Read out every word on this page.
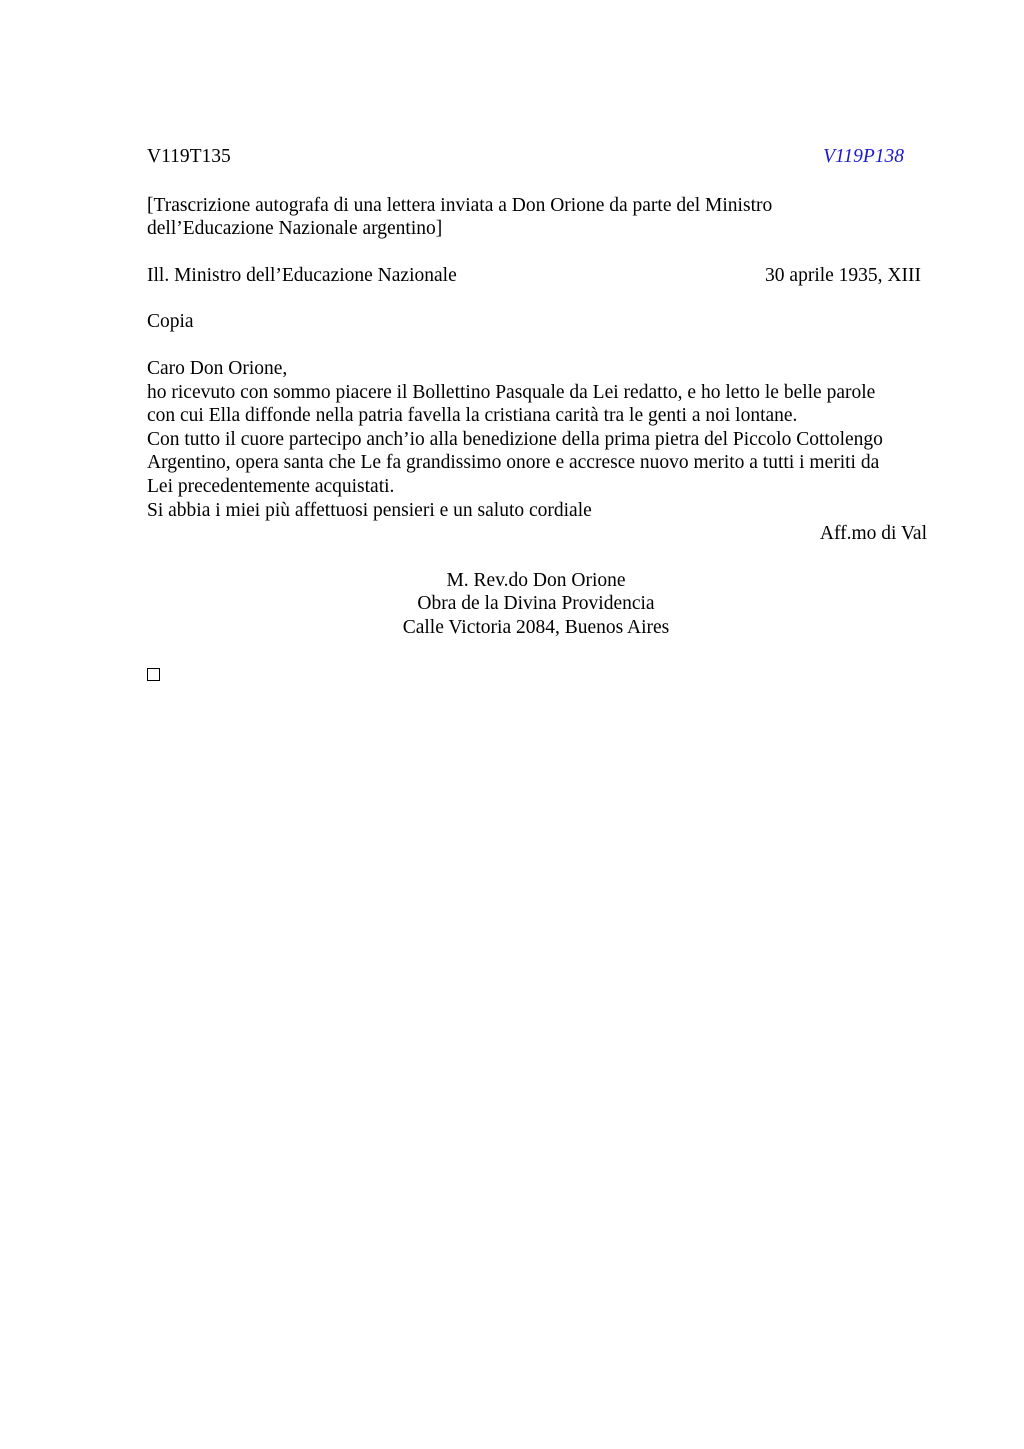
V119T135	V119P138

[Trascrizione autografa di una lettera inviata a Don Orione da parte del Ministro

dell’Educazione Nazionale argentino]

Ill. Ministro dell’Educazione Nazionale	30 aprile 1935, XIII

Copia

Caro Don Orione,

ho ricevuto con sommo piacere il Bollettino Pasquale da Lei redatto, e ho letto le belle parole

con cui Ella diffonde nella patria favella la cristiana carità tra le genti a noi lontane.

Con tutto il cuore partecipo anch’io alla benedizione della prima pietra del Piccolo Cottolengo

Argentino, opera santa che Le fa grandissimo onore e accresce nuovo merito a tutti i meriti da

Lei precedentemente acquistati.

Si abbia i miei più affettuosi pensieri e un saluto cordiale

Aff.mo di Val

M. Rev.do Don Orione

Obra de la Divina Providencia

Calle Victoria 2084, Buenos Aires
